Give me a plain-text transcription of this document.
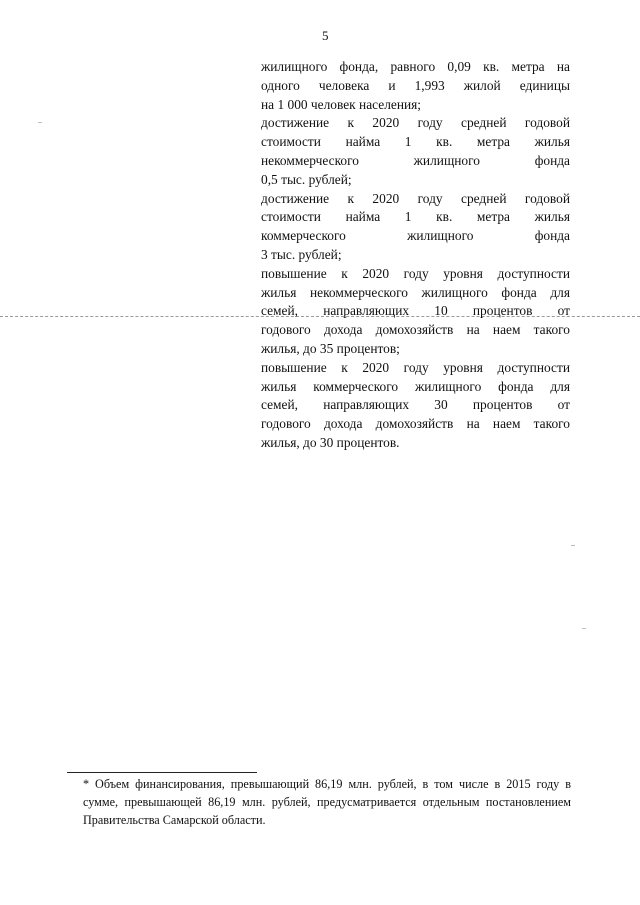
5
жилищного фонда, равного 0,09 кв. метра на
одного человека и 1,993 жилой единицы
на 1 000 человек населения;
достижение к 2020 году средней годовой
стоимости найма 1 кв. метра жилья
некоммерческого жилищного фонда
0,5 тыс. рублей;
достижение к 2020 году средней годовой
стоимости найма 1 кв. метра жилья
коммерческого жилищного фонда
3 тыс. рублей;
повышение к 2020 году уровня доступности
жилья некоммерческого жилищного фонда для
семей, направляющих 10 процентов от
годового дохода домохозяйств на наем такого
жилья, до 35 процентов;
повышение к 2020 году уровня доступности
жилья коммерческого жилищного фонда для
семей, направляющих 30 процентов от
годового дохода домохозяйств на наем такого
жилья, до 30 процентов.
* Объем финансирования, превышающий 86,19 млн. рублей, в том числе в 2015 году в сумме, превышающей 86,19 млн. рублей, предусматривается отдельным постановлением Правительства Самарской области.
